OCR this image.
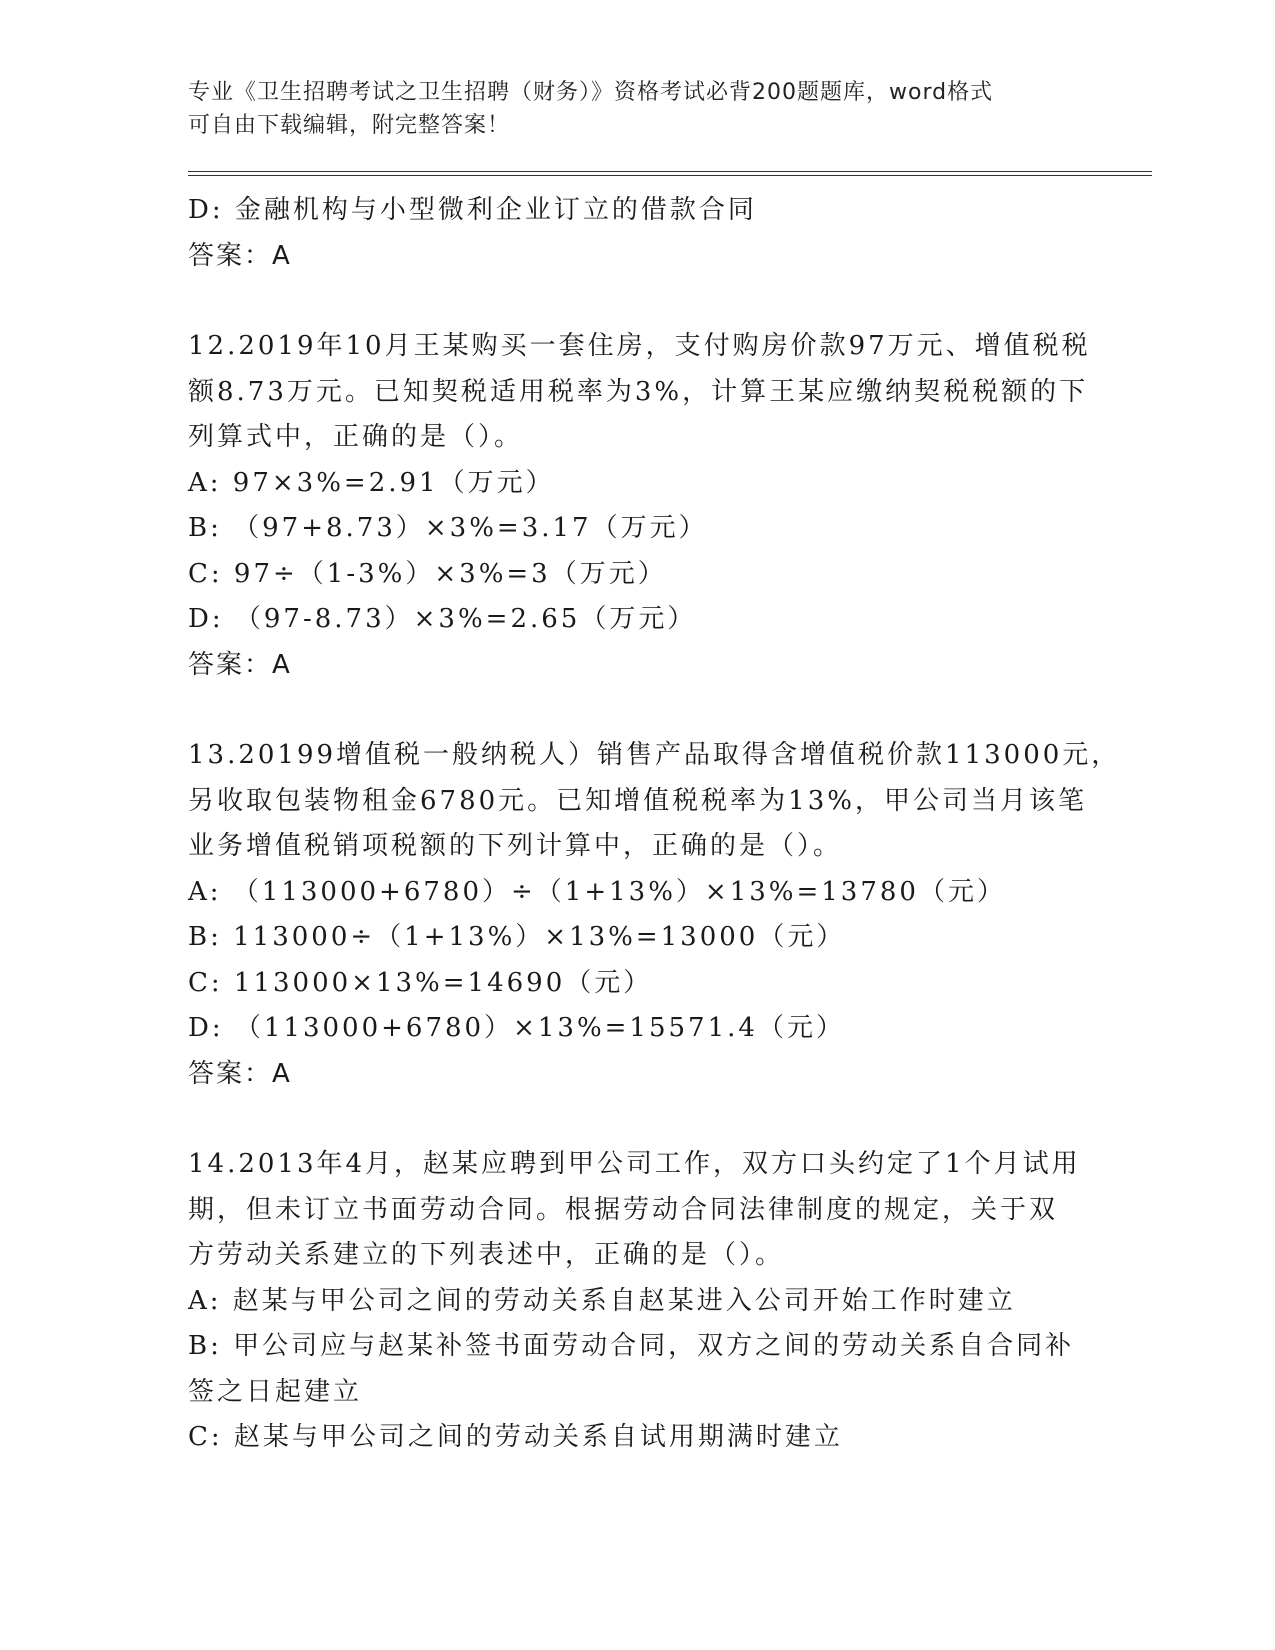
专业《卫生招聘考试之卫生招聘（财务）》资格考试必背200题题库，word格式
可自由下载编辑，附完整答案！
D: 金融机构与小型微利企业订立的借款合同
答案：A
12.2019年10月王某购买一套住房，支付购房价款97万元、增值税税
额8.73万元。已知契税适用税率为3%，计算王某应缴纳契税税额的下
列算式中，正确的是（）。
A: 97×3%=2.91（万元）
B: （97+8.73）×3%=3.17（万元）
C: 97÷（1-3%）×3%=3（万元）
D: （97-8.73）×3%=2.65（万元）
答案：A
13.20199增值税一般纳税人）销售产品取得含增值税价款113000元，
另收取包装物租金6780元。已知增值税税率为13%，甲公司当月该笔
业务增值税销项税额的下列计算中，正确的是（）。
A: （113000+6780）÷（1+13%）×13%=13780（元）
B: 113000÷（1+13%）×13%=13000（元）
C: 113000×13%=14690（元）
D: （113000+6780）×13%=15571.4（元）
答案：A
14.2013年4月，赵某应聘到甲公司工作，双方口头约定了1个月试用
期，但未订立书面劳动合同。根据劳动合同法律制度的规定，关于双
方劳动关系建立的下列表述中，正确的是（）。
A: 赵某与甲公司之间的劳动关系自赵某进入公司开始工作时建立
B: 甲公司应与赵某补签书面劳动合同，双方之间的劳动关系自合同补
签之日起建立
C: 赵某与甲公司之间的劳动关系自试用期满时建立
